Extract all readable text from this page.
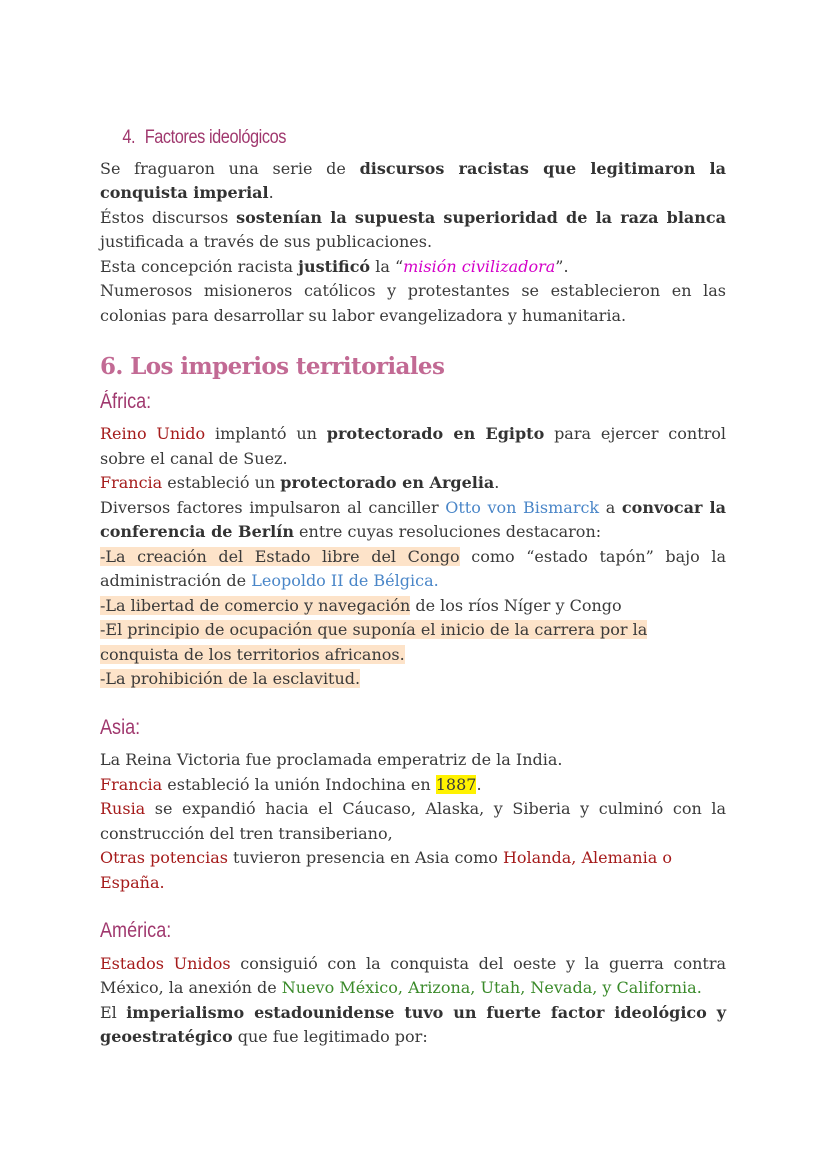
4. Factores ideológicos

Se fraguaron una serie de discursos racistas que legitimaron la conquista imperial.

Éstos discursos sostenían la supuesta superioridad de la raza blanca justificada a través de sus publicaciones.

Esta concepción racista justificó la “misión civilizadora”.

Numerosos misioneros católicos y protestantes se establecieron en las colonias para desarrollar su labor evangelizadora y humanitaria.

6. Los imperios territoriales
África:

Reino Unido implantó un protectorado en Egipto para ejercer control sobre el canal de Suez.

Francia estableció un protectorado en Argelia.

Diversos factores impulsaron al canciller Otto von Bismarck a convocar la conferencia de Berlín entre cuyas resoluciones destacaron:

-La creación del Estado libre del Congo como “estado tapón” bajo la administración de Leopoldo II de Bélgica.

-La libertad de comercio y navegación de los ríos Níger y Congo

-El principio de ocupación que suponía el inicio de la carrera por la conquista de los territorios africanos.

-La prohibición de la esclavitud.

Asia:

La Reina Victoria fue proclamada emperatriz de la India.

Francia estableció la unión Indochina en 1887.

Rusia se expandió hacia el Cáucaso, Alaska, y Siberia y culminó con la construcción del tren transiberiano,

Otras potencias tuvieron presencia en Asia como Holanda, Alemania o España.

América:

Estados Unidos consiguió con la conquista del oeste y la guerra contra México, la anexión de Nuevo México, Arizona, Utah, Nevada, y California.

El imperialismo estadounidense tuvo un fuerte factor ideológico y geoestratégico que fue legitimado por:
